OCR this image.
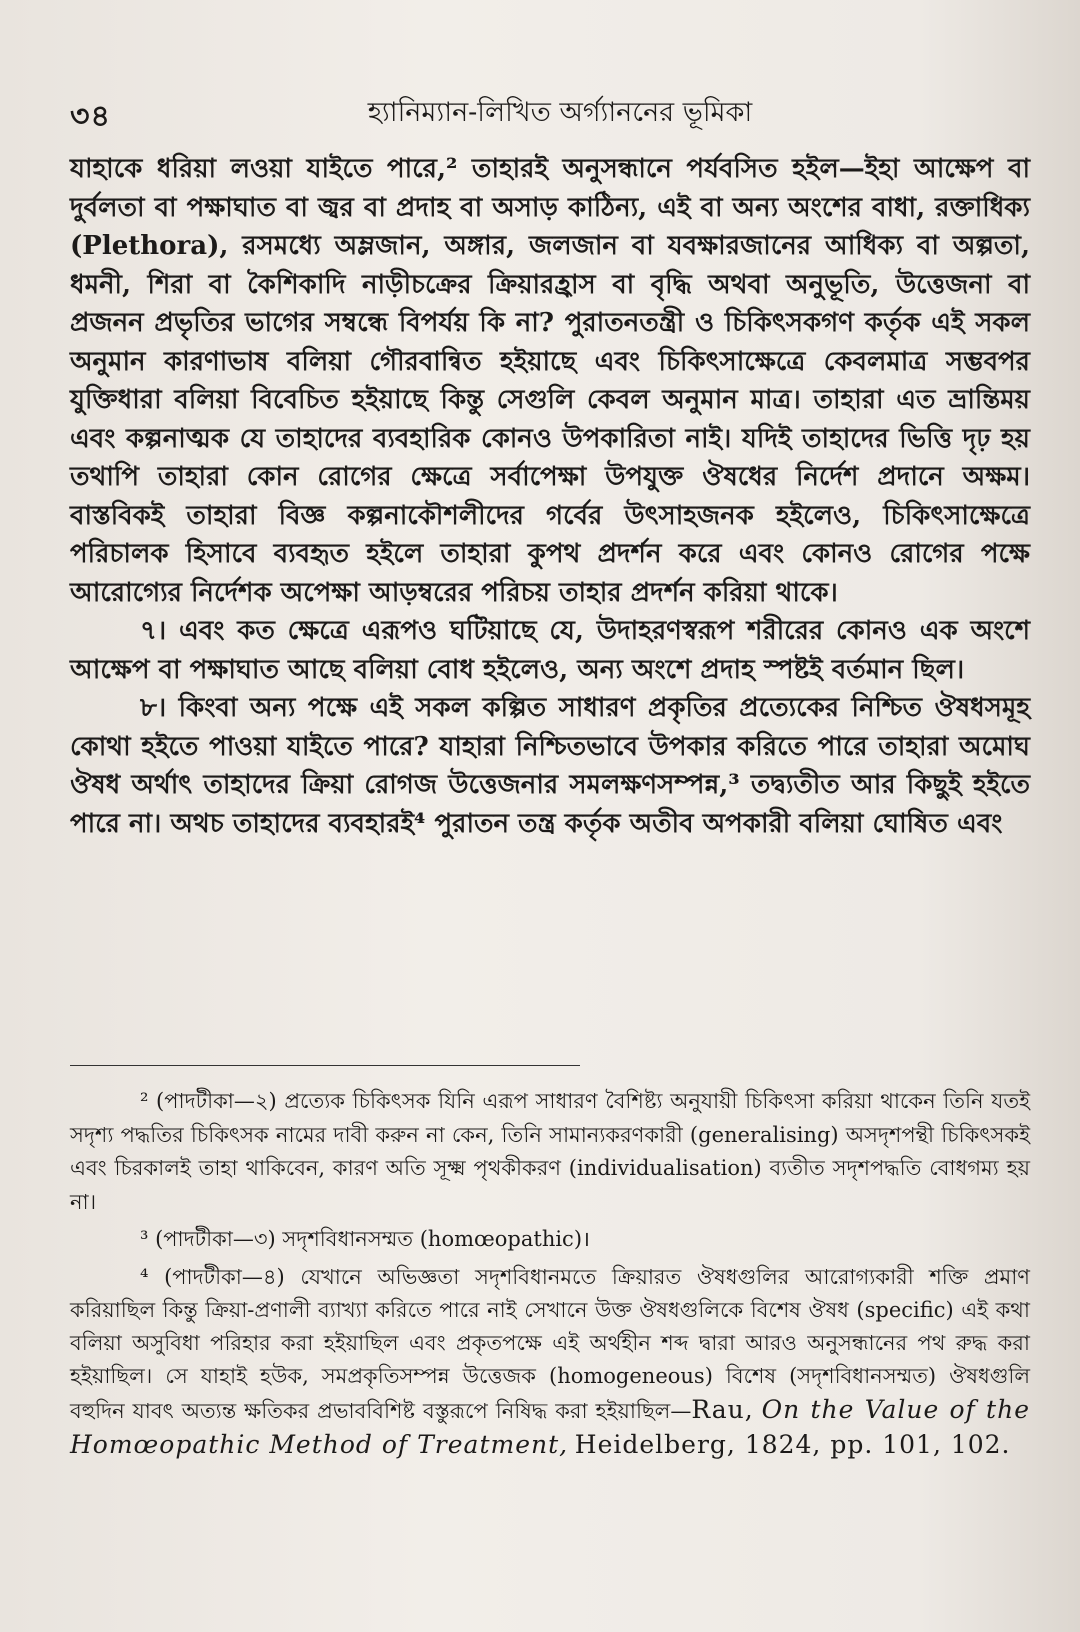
৩৪	হ্যানিম্যান-লিখিত অর্গ্যাননের ভূমিকা

যাহাকে ধরিয়া লওয়া যাইতে পারে,² তাহারই অনুসন্ধানে পর্যবসিত হইল—ইহা আক্ষেপ বা দুর্বলতা বা পক্ষাঘাত বা জ্বর বা প্রদাহ বা অসাড় কাঠিন্য, এই বা অন্য অংশের বাধা, রক্তাধিক্য (Plethora), রসমধ্যে অম্লজান, অঙ্গার, জলজান বা যবক্ষারজানের আধিক্য বা অল্পতা, ধমনী, শিরা বা কৈশিকাদি নাড়ীচক্রের ক্রিয়ারহ্রাস বা বৃদ্ধি অথবা অনুভূতি, উত্তেজনা বা প্রজনন প্রভৃতির ভাগের সম্বন্ধে বিপর্যয় কি না? পুরাতনতন্ত্রী ও চিকিৎসকগণ কর্তৃক এই সকল অনুমান কারণাভাষ বলিয়া গৌরবান্বিত হইয়াছে এবং চিকিৎসাক্ষেত্রে কেবলমাত্র সম্ভবপর যুক্তিধারা বলিয়া বিবেচিত হইয়াছে কিন্তু সেগুলি কেবল অনুমান মাত্র। তাহারা এত ভ্রান্তিময় এবং কল্পনাত্মক যে তাহাদের ব্যবহারিক কোনও উপকারিতা নাই। যদিই তাহাদের ভিত্তি দৃঢ় হয় তথাপি তাহারা কোন রোগের ক্ষেত্রে সর্বাপেক্ষা উপযুক্ত ঔষধের নির্দেশ প্রদানে অক্ষম। বাস্তবিকই তাহারা বিজ্ঞ কল্পনাকৌশলীদের গর্বের উৎসাহজনক হইলেও, চিকিৎসাক্ষেত্রে পরিচালক হিসাবে ব্যবহৃত হইলে তাহারা কুপথ প্রদর্শন করে এবং কোনও রোগের পক্ষে আরোগ্যের নির্দেশক অপেক্ষা আড়ম্বরের পরিচয় তাহার প্রদর্শন করিয়া থাকে।

৭। এবং কত ক্ষেত্রে এরূপও ঘটিয়াছে যে, উদাহরণস্বরূপ শরীরের কোনও এক অংশে আক্ষেপ বা পক্ষাঘাত আছে বলিয়া বোধ হইলেও, অন্য অংশে প্রদাহ স্পষ্টই বর্তমান ছিল।

৮। কিংবা অন্য পক্ষে এই সকল কল্পিত সাধারণ প্রকৃতির প্রত্যেকের নিশ্চিত ঔষধসমূহ কোথা হইতে পাওয়া যাইতে পারে? যাহারা নিশ্চিতভাবে উপকার করিতে পারে তাহারা অমোঘ ঔষধ অর্থাৎ তাহাদের ক্রিয়া রোগজ উত্তেজনার সমলক্ষণসম্পন্ন,³ তদ্ব্যতীত আর কিছুই হইতে পারে না। অথচ তাহাদের ব্যবহারই⁴ পুরাতন তন্ত্র কর্তৃক অতীব অপকারী বলিয়া ঘোষিত এবং

² (পাদটীকা—২) প্রত্যেক চিকিৎসক যিনি এরূপ সাধারণ বৈশিষ্ট্য অনুযায়ী চিকিৎসা করিয়া থাকেন তিনি যতই সদৃশ্য পদ্ধতির চিকিৎসক নামের দাবী করুন না কেন, তিনি সামান্যকরণকারী (generalising) অসদৃশপন্থী চিকিৎসকই এবং চিরকালই তাহা থাকিবেন, কারণ অতি সূক্ষ্ম পৃথকীকরণ (individualisation) ব্যতীত সদৃশপদ্ধতি বোধগম্য হয় না।

³ (পাদটীকা—৩) সদৃশবিধানসম্মত (homœopathic)।

⁴ (পাদটীকা—৪) যেখানে অভিজ্ঞতা সদৃশবিধানমতে ক্রিয়ারত ঔষধগুলির আরোগ্যকারী শক্তি প্রমাণ করিয়াছিল কিন্তু ক্রিয়া-প্রণালী ব্যাখ্যা করিতে পারে নাই সেখানে উক্ত ঔষধগুলিকে বিশেষ ঔষধ (specific) এই কথা বলিয়া অসুবিধা পরিহার করা হইয়াছিল এবং প্রকৃতপক্ষে এই অর্থহীন শব্দ দ্বারা আরও অনুসন্ধানের পথ রুদ্ধ করা হইয়াছিল। সে যাহাই হউক, সমপ্রকৃতিসম্পন্ন উত্তেজক (homogeneous) বিশেষ (সদৃশবিধানসম্মত) ঔষধগুলি বহুদিন যাবৎ অত্যন্ত ক্ষতিকর প্রভাববিশিষ্ট বস্তুরূপে নিষিদ্ধ করা হইয়াছিল—Rau, On the Value of the Homœopathic Method of Treatment, Heidelberg, 1824, pp. 101, 102.
